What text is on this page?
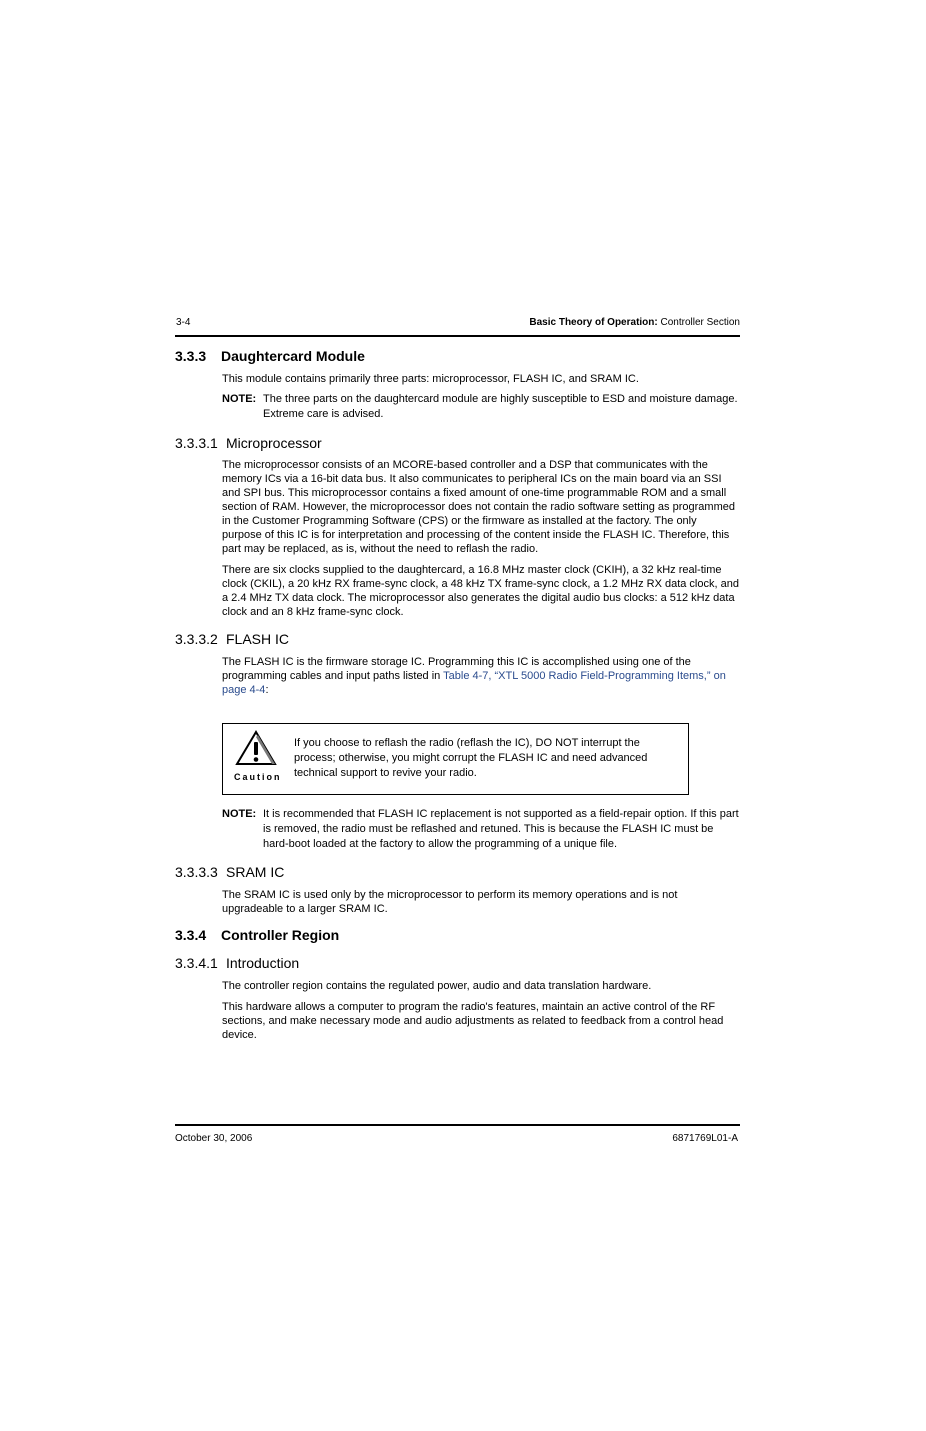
3-4	Basic Theory of Operation: Controller Section
3.3.3 Daughtercard Module

This module contains primarily three parts: microprocessor, FLASH IC, and SRAM IC.

NOTE: The three parts on the daughtercard module are highly susceptible to ESD and moisture damage. Extreme care is advised.
3.3.3.1 Microprocessor

The microprocessor consists of an MCORE-based controller and a DSP that communicates with the memory ICs via a 16-bit data bus. It also communicates to peripheral ICs on the main board via an SSI and SPI bus. This microprocessor contains a fixed amount of one-time programmable ROM and a small section of RAM. However, the microprocessor does not contain the radio software setting as programmed in the Customer Programming Software (CPS) or the firmware as installed at the factory. The only purpose of this IC is for interpretation and processing of the content inside the FLASH IC. Therefore, this part may be replaced, as is, without the need to reflash the radio.

There are six clocks supplied to the daughtercard, a 16.8 MHz master clock (CKIH), a 32 kHz real-time clock (CKIL), a 20 kHz RX frame-sync clock, a 48 kHz TX frame-sync clock, a 1.2 MHz RX data clock, and a 2.4 MHz TX data clock. The microprocessor also generates the digital audio bus clocks: a 512 kHz data clock and an 8 kHz frame-sync clock.

3.3.3.2 FLASH IC

The FLASH IC is the firmware storage IC. Programming this IC is accomplished using one of the programming cables and input paths listed in Table 4-7, “XTL 5000 Radio Field-Programming Items,” on page 4-4:

Caution
If you choose to reflash the radio (reflash the IC), DO NOT interrupt the process; otherwise, you might corrupt the FLASH IC and need advanced technical support to revive your radio.
NOTE: It is recommended that FLASH IC replacement is not supported as a field-repair option. If this part is removed, the radio must be reflashed and retuned. This is because the FLASH IC must be hard-boot loaded at the factory to allow the programming of a unique file.
3.3.3.3 SRAM IC

The SRAM IC is used only by the microprocessor to perform its memory operations and is not upgradeable to a larger SRAM IC.

3.3.4 Controller Region
3.3.4.1 Introduction

The controller region contains the regulated power, audio and data translation hardware.

This hardware allows a computer to program the radio's features, maintain an active control of the RF sections, and make necessary mode and audio adjustments as related to feedback from a control head device.

October 30, 2006	6871769L01-A
